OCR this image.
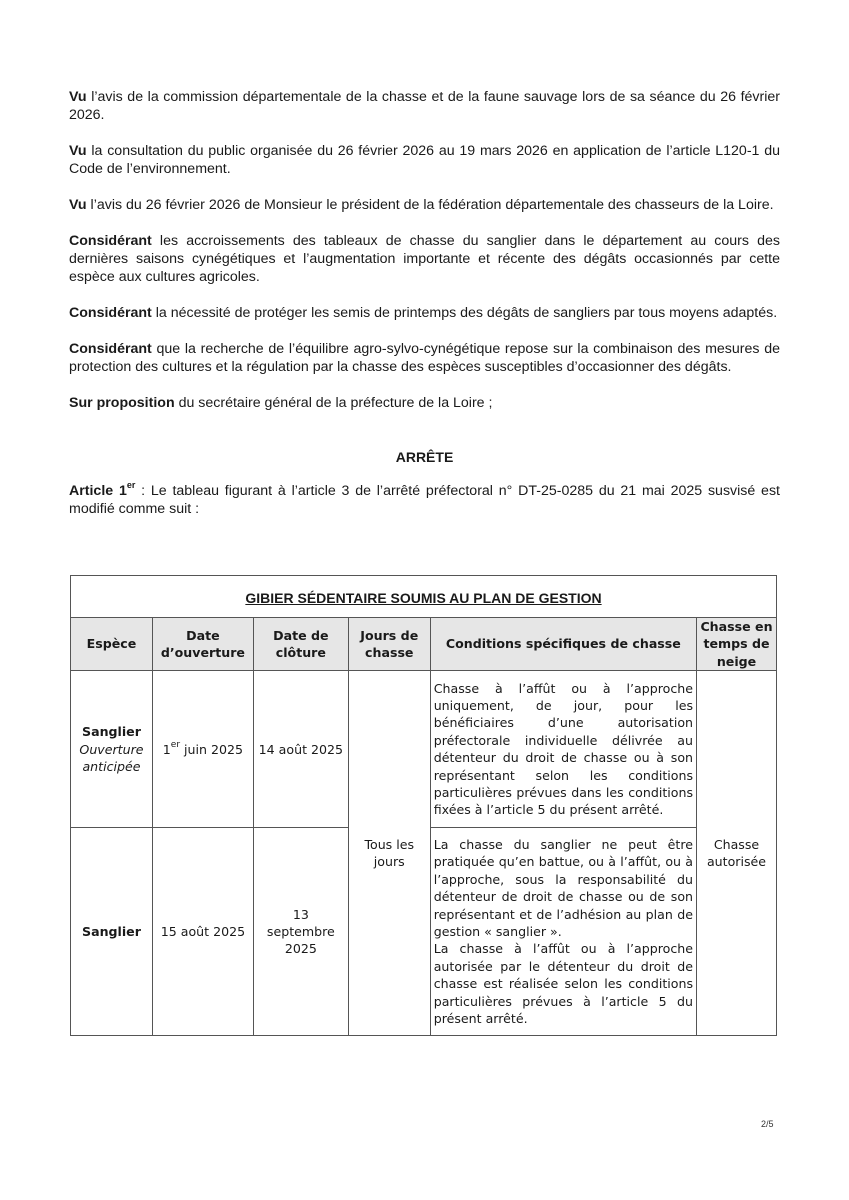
Vu l’avis de la commission départementale de la chasse et de la faune sauvage lors de sa séance du 26 février 2026.

Vu la consultation du public organisée du 26 février 2026 au 19 mars 2026 en application de l’article L120-1 du Code de l’environnement.

Vu l’avis du 26 février 2026 de Monsieur le président de la fédération départementale des chasseurs de la Loire.

Considérant les accroissements des tableaux de chasse du sanglier dans le département au cours des dernières saisons cynégétiques et l’augmentation importante et récente des dégâts occasionnés par cette espèce aux cultures agricoles.

Considérant la nécessité de protéger les semis de printemps des dégâts de sangliers par tous moyens adaptés.

Considérant que la recherche de l’équilibre agro-sylvo-cynégétique repose sur la combinaison des mesures de protection des cultures et la régulation par la chasse des espèces susceptibles d’occasionner des dégâts.

Sur proposition du secrétaire général de la préfecture de la Loire ;

ARRÊTE

Article 1er : Le tableau figurant à l’article 3 de l’arrêté préfectoral n° DT-25-0285 du 21 mai 2025 susvisé est modifié comme suit :

GIBIER SÉDENTAIRE SOUMIS AU PLAN DE GESTION					
Espèce	Date d’ouverture	Date de clôture	Jours de chasse	Conditions spécifiques de chasse	Chasse en temps de neige

Sanglier
Ouverture anticipée	1er juin 2025	14 août 2025	Tous les jours	Chasse à l’affût ou à l’approche uniquement, de jour, pour les bénéficiaires d’une autorisation préfectorale individuelle délivrée au détenteur du droit de chasse ou à son représentant selon les conditions particulières prévues dans les conditions fixées à l’article 5 du présent arrêté.	Chasse autorisée
Sanglier	15 août 2025	13 septembre 2025		La chasse du sanglier ne peut être pratiquée qu’en battue, ou à l’affût, ou à l’approche, sous la responsabilité du détenteur de droit de chasse ou de son représentant et de l’adhésion au plan de gestion « sanglier ».
La chasse à l’affût ou à l’approche autorisée par le détenteur du droit de chasse est réalisée selon les conditions particulières prévues à l’article 5 du présent arrêté.	
2/5
